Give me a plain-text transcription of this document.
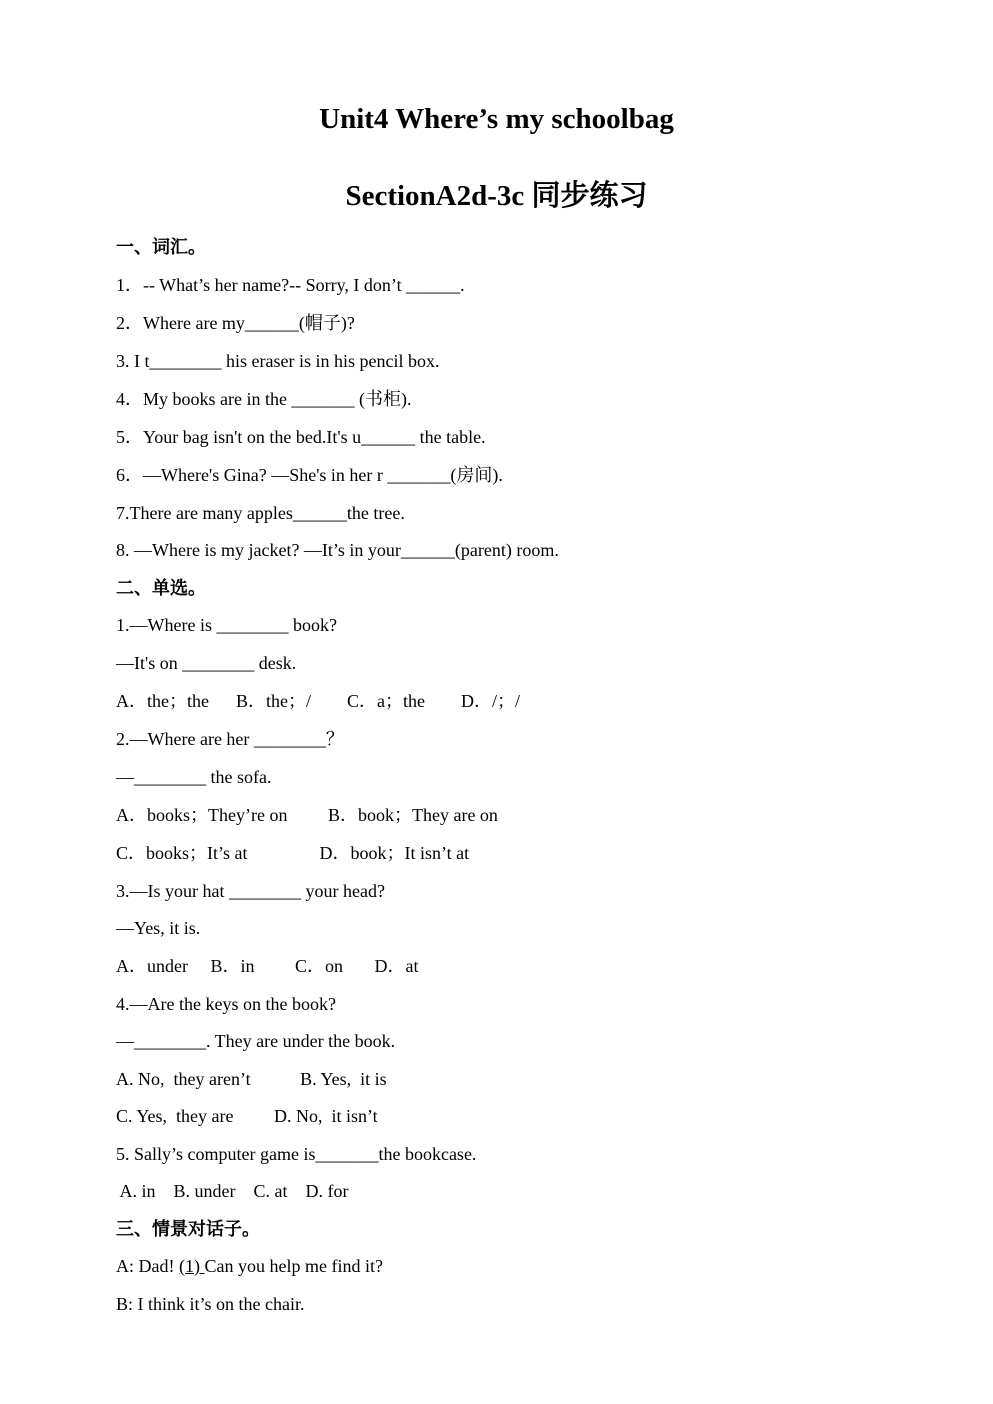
Unit4 Where’s my schoolbag
SectionA2d-3c 同步练习
一、词汇。
1．-- What’s her name?-- Sorry, I don’t ______.
2．Where are my______(帽子)?
3. I t________ his eraser is in his pencil box.
4．My books are in the _______ (书柜).
5．Your bag isn't on the bed.It's u______ the table.
6．—Where's Gina? —She's in her r _______(房间).
7.There are many apples______the tree.
8. —Where is my jacket? —It’s in your______(parent) room.
二、单选。
1.—Where is ________ book?
—It's on ________ desk.
A．the；the      B．the；/        C．a；the        D．/；/
2.—Where are her ________？
—________ the sofa.
A．books；They’re on         B．book；They are on
C．books；It’s at                D．book；It isn’t at
3.—Is your hat ________ your head?
—Yes, it is.
A．under     B．in         C．on       D．at
4.—Are the keys on the book?
—________. They are under the book.
A. No,  they aren’t           B. Yes,  it is
C. Yes,  they are         D. No,  it isn’t
5. Sally’s computer game is_______the bookcase.
A. in    B. under    C. at    D. for
三、情景对话子。
A: Dad! (1) Can you help me find it?
B: I think it’s on the chair.
